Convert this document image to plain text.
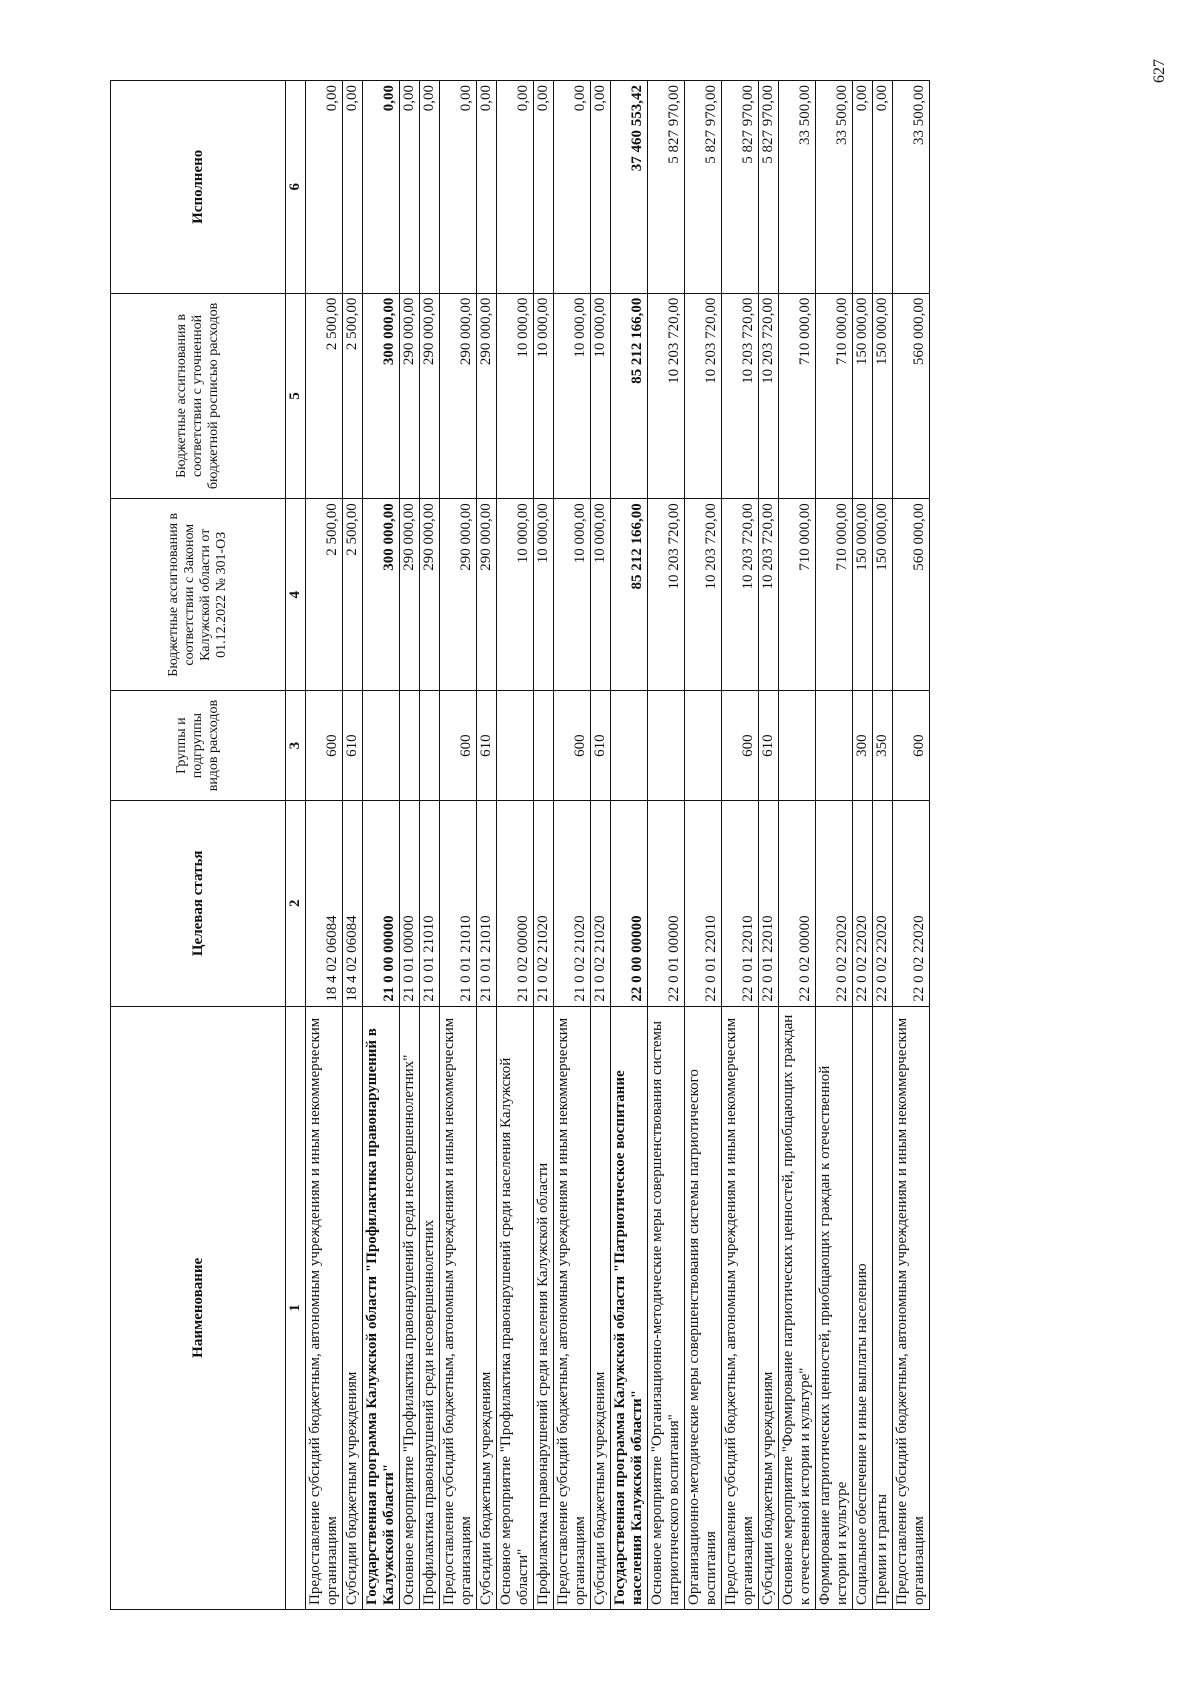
Наименование	Целевая статья	Группы и подгруппы видов расходов	Бюджетные ассигнования в соответствии с Законом Калужской области от 01.12.2022 № 301-ОЗ	Бюджетные ассигнования в соответствии с уточненной бюджетной росписью расходов	Исполнено
1	2	3	4	5	6
Предоставление субсидий бюджетным, автономным учреждениям и иным некоммерческим организациям	18 4 02 06084	600	2 500,00	2 500,00	0,00
Субсидии бюджетным учреждениям	18 4 02 06084	610	2 500,00	2 500,00	0,00
Государственная программа Калужской области "Профилактика правонарушений в Калужской области"	21 0 00 00000		300 000,00	300 000,00	0,00
Основное мероприятие "Профилактика правонарушений среди несовершеннолетних"	21 0 01 00000		290 000,00	290 000,00	0,00
Профилактика правонарушений среди несовершеннолетних	21 0 01 21010		290 000,00	290 000,00	0,00
Предоставление субсидий бюджетным, автономным учреждениям и иным некоммерческим организациям	21 0 01 21010	600	290 000,00	290 000,00	0,00
Субсидии бюджетным учреждениям	21 0 01 21010	610	290 000,00	290 000,00	0,00
Основное мероприятие "Профилактика правонарушений среди населения Калужской области"	21 0 02 00000		10 000,00	10 000,00	0,00
Профилактика правонарушений среди населения Калужской области	21 0 02 21020		10 000,00	10 000,00	0,00
Предоставление субсидий бюджетным, автономным учреждениям и иным некоммерческим организациям	21 0 02 21020	600	10 000,00	10 000,00	0,00
Субсидии бюджетным учреждениям	21 0 02 21020	610	10 000,00	10 000,00	0,00
Государственная программа Калужской области "Патриотическое воспитание населения Калужской области"	22 0 00 00000		85 212 166,00	85 212 166,00	37 460 553,42
Основное мероприятие "Организационно-методические меры совершенствования системы патриотического воспитания"	22 0 01 00000		10 203 720,00	10 203 720,00	5 827 970,00
Организационно-методические меры совершенствования системы патриотического воспитания	22 0 01 22010		10 203 720,00	10 203 720,00	5 827 970,00
Предоставление субсидий бюджетным, автономным учреждениям и иным некоммерческим организациям	22 0 01 22010	600	10 203 720,00	10 203 720,00	5 827 970,00
Субсидии бюджетным учреждениям	22 0 01 22010	610	10 203 720,00	10 203 720,00	5 827 970,00
Основное мероприятие "Формирование патриотических ценностей, приобщающих граждан к отечественной истории и культуре"	22 0 02 00000		710 000,00	710 000,00	33 500,00
Формирование патриотических ценностей, приобщающих граждан к отечественной истории и культуре	22 0 02 22020		710 000,00	710 000,00	33 500,00
Социальное обеспечение и иные выплаты населению	22 0 02 22020	300	150 000,00	150 000,00	0,00
Премии и гранты	22 0 02 22020	350	150 000,00	150 000,00	0,00
Предоставление субсидий бюджетным, автономным учреждениям и иным некоммерческим организациям	22 0 02 22020	600	560 000,00	560 000,00	33 500,00
627
